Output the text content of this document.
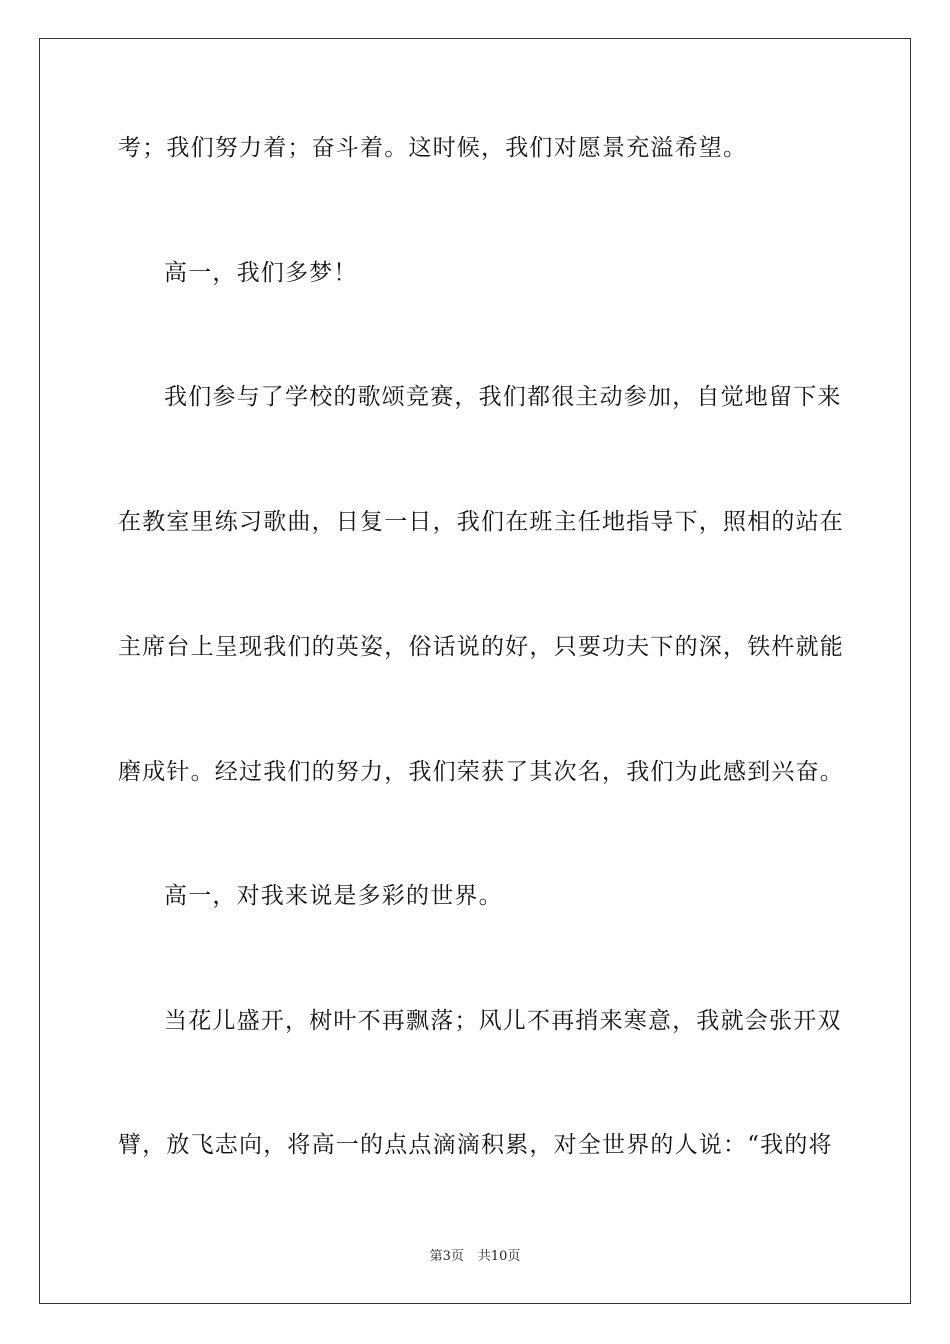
考；我们努力着；奋斗着。这时候，我们对愿景充溢希望。
高一，我们多梦！
我们参与了学校的歌颂竞赛，我们都很主动参加，自觉地留下来
在教室里练习歌曲，日复一日，我们在班主任地指导下，照相的站在
主席台上呈现我们的英姿，俗话说的好，只要功夫下的深，铁杵就能
磨成针。经过我们的努力，我们荣获了其次名，我们为此感到兴奋。
高一，对我来说是多彩的世界。
当花儿盛开，树叶不再飘落；风儿不再捎来寒意，我就会张开双
臂，放飞志向，将高一的点点滴滴积累，对全世界的人说：“我的将
第3页 共10页
